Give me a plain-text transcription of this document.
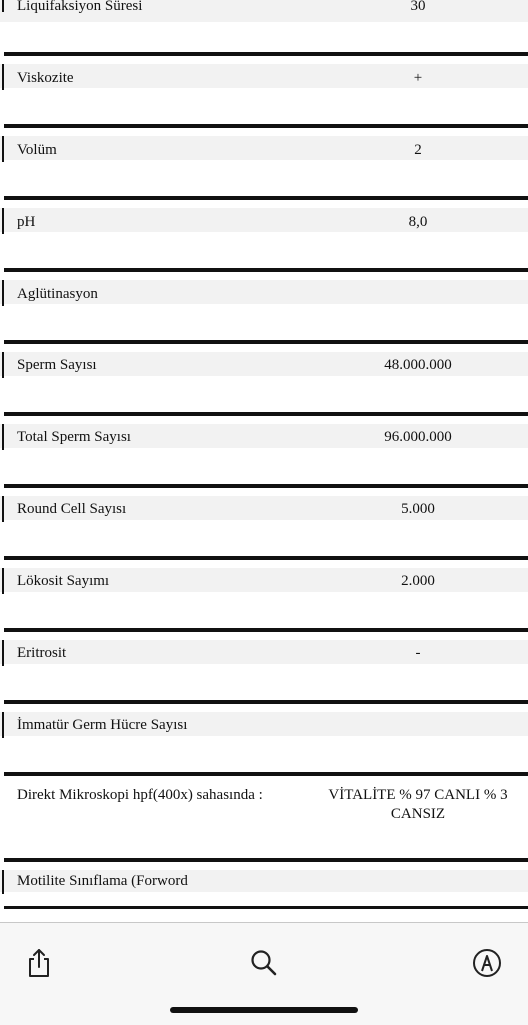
Liquifaksiyon Süresi	30
Viskozite	+
Volüm	2
pH	8,0
Aglütinasyon
Sperm Sayısı	48.000.000
Total Sperm Sayısı	96.000.000
Round Cell Sayısı	5.000
Lökosit Sayımı	2.000
Eritrosit	-
İmmatür Germ Hücre Sayısı
Direkt Mikroskopi hpf(400x) sahasında :	VİTALİTE % 97 CANLI % 3 CANSIZ
Motilite Sınıflama (Forword
